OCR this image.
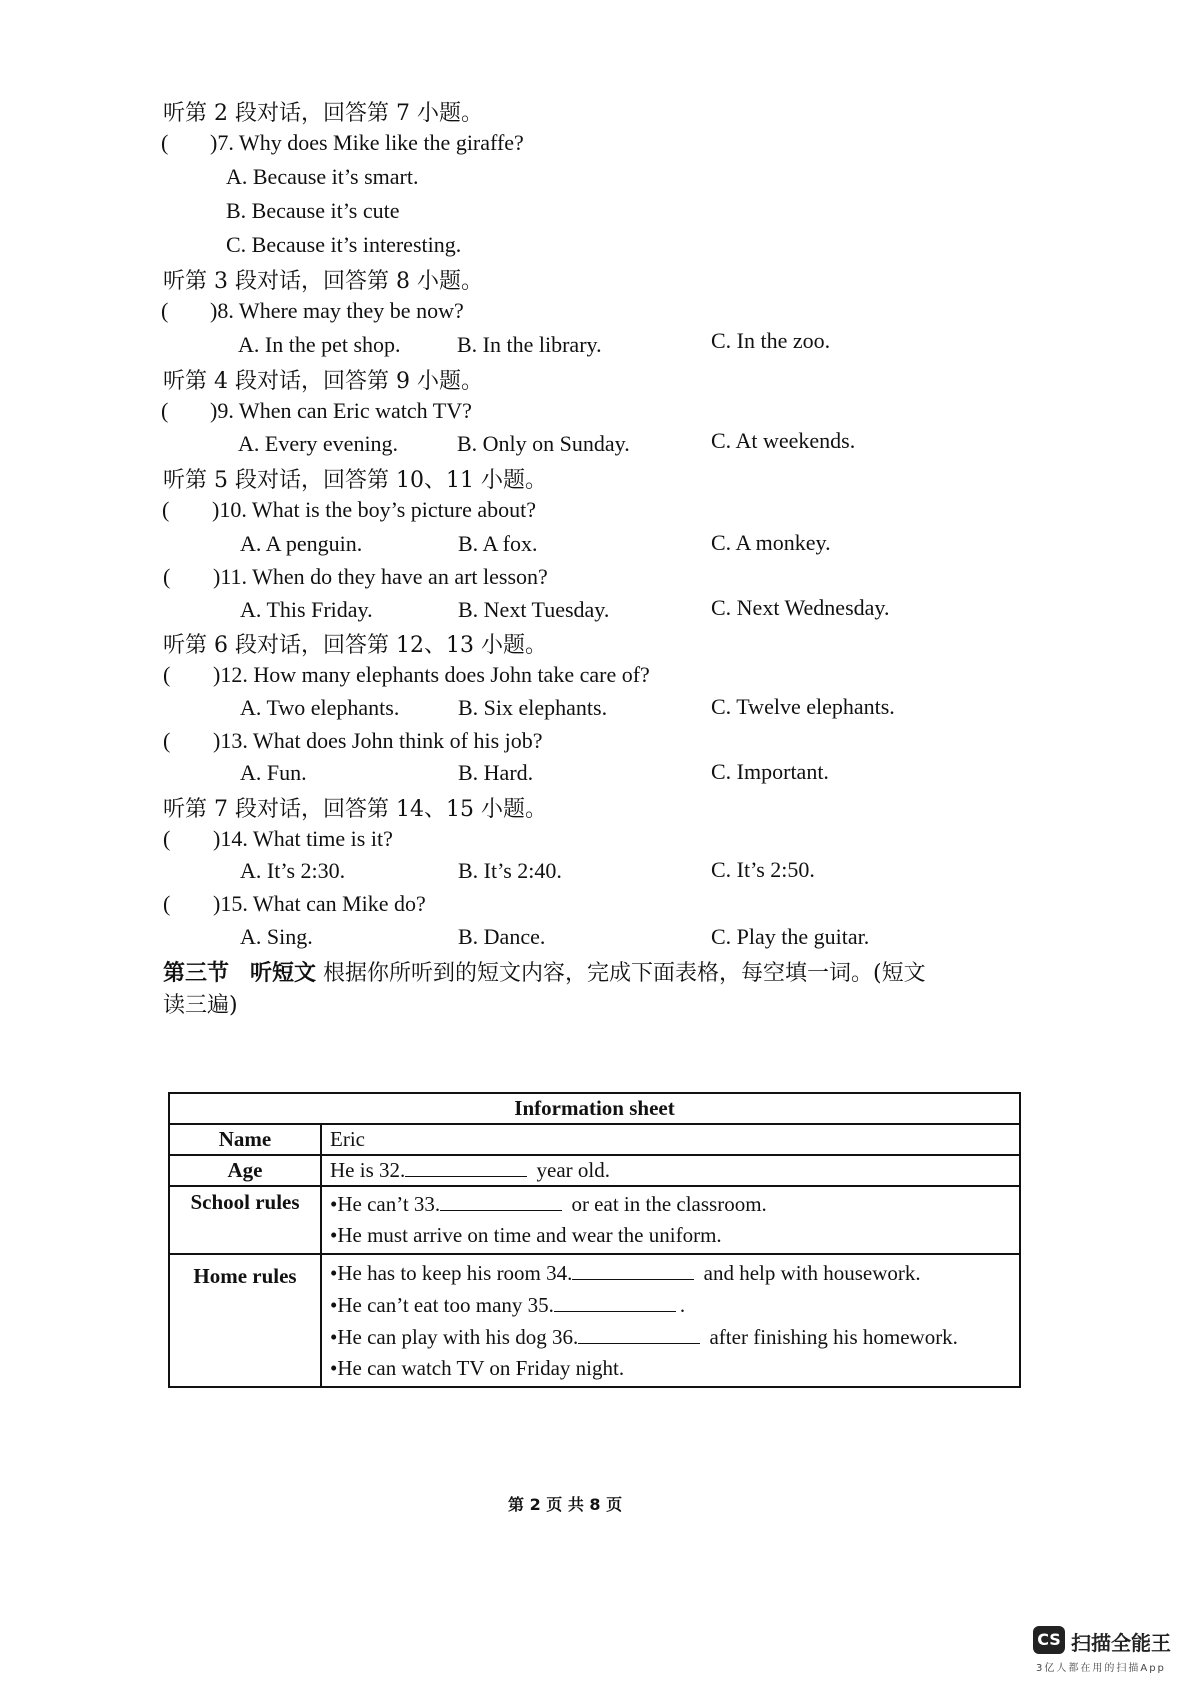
听第 2 段对话，回答第 7 小题。
( )7. Why does Mike like the giraffe?
A. Because it’s smart.
B. Because it’s cute
C. Because it’s interesting.
听第 3 段对话，回答第 8 小题。
( )8. Where may they be now?
A. In the pet shop.	B. In the library.	C. In the zoo.
听第 4 段对话，回答第 9 小题。
( )9. When can Eric watch TV?
A. Every evening.	B. Only on Sunday.	C. At weekends.
听第 5 段对话，回答第 10、11 小题。
( )10. What is the boy’s picture about?
A. A penguin.	B. A fox.	C. A monkey.
( )11. When do they have an art lesson?
A. This Friday.	B. Next Tuesday.	C. Next Wednesday.
听第 6 段对话，回答第 12、13 小题。
( )12. How many elephants does John take care of?
A. Two elephants.	B. Six elephants.	C. Twelve elephants.
( )13. What does John think of his job?
A. Fun.	B. Hard.	C. Important.
听第 7 段对话，回答第 14、15 小题。
( )14. What time is it?
A. It’s 2:30.	B. It’s 2:40.	C. It’s 2:50.
( )15. What can Mike do?
A. Sing.	B. Dance.	C. Play the guitar.
第三节 听短文 根据你所听到的短文内容，完成下面表格，每空填一词。(短文
读三遍)
Information sheet	
Name	Eric
Age	He is 32. year old.
School rules	•He can’t 33. or eat in the classroom.
•He must arrive on time and wear the uniform.

Home rules	•He has to keep his room 34. and help with housework.
•He can’t eat too many 35. .
•He can play with his dog 36. after finishing his homework.
•He can watch TV on Friday night.
第 2 页 共 8 页
CS 扫描全能王
3亿人都在用的扫描App
